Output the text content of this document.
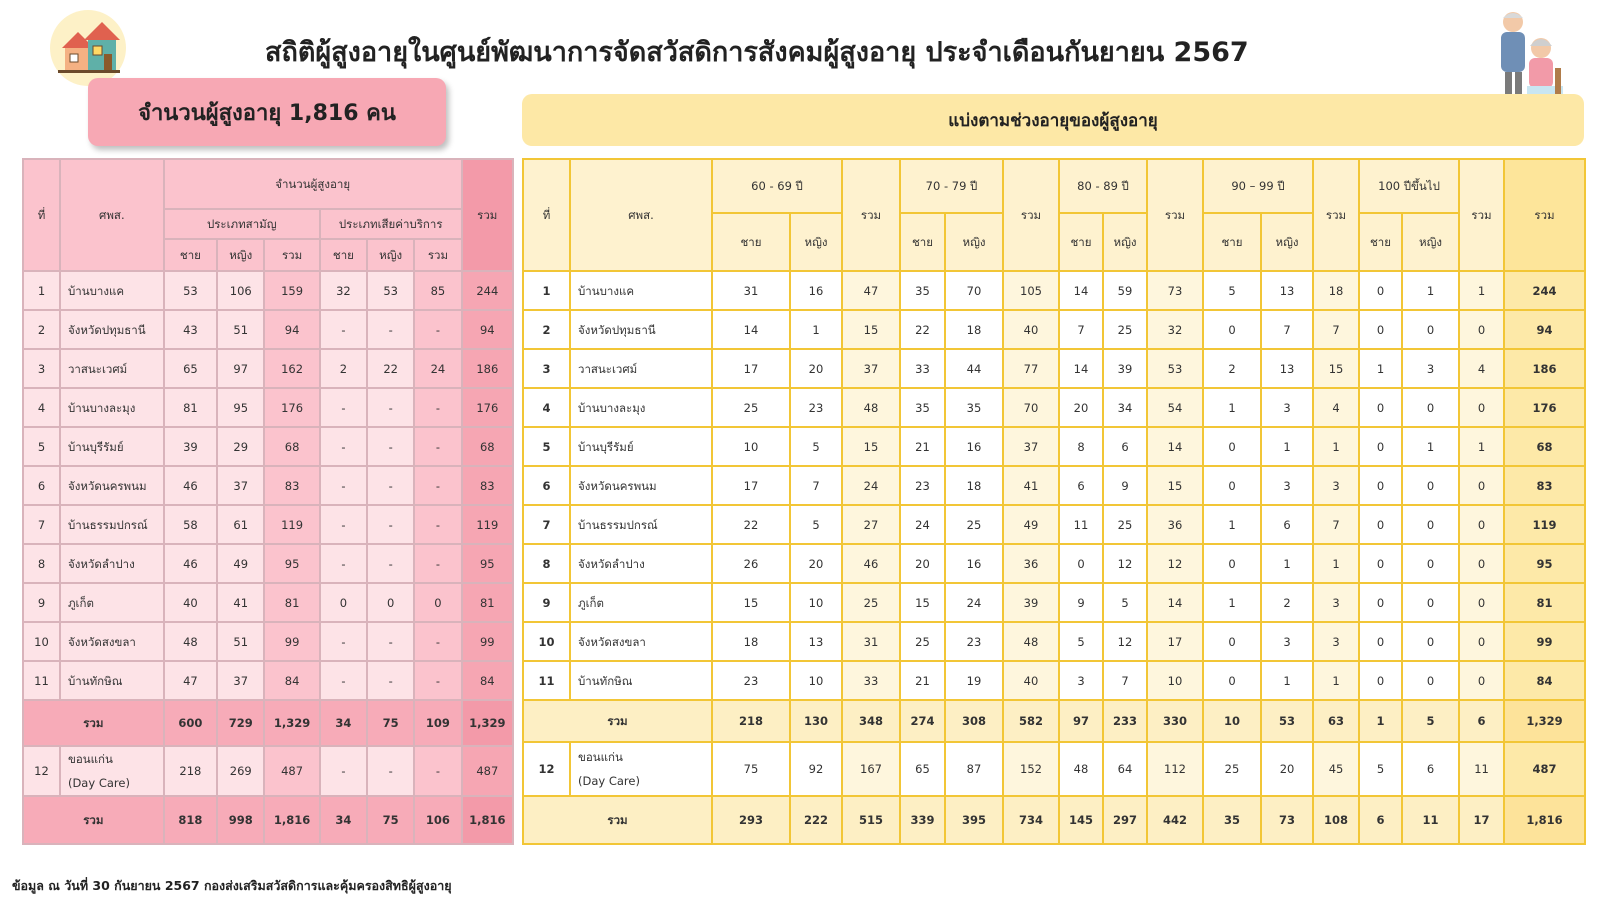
สถิติผู้สูงอายุในศูนย์พัฒนาการจัดสวัสดิการสังคมผู้สูงอายุ ประจำเดือนกันยายน 2567
จำนวนผู้สูงอายุ 1,816 คน	แบ่งตามช่วงอายุของผู้สูงอายุ
ที่	ศพส.	จำนวนผู้สูงอายุ						รวม
		ประเภทสามัญ			ประเภทเสียค่าบริการ			
		ชาย	หญิง	รวม	ชาย	หญิง	รวม	
1	บ้านบางแค	53	106	159	32	53	85	244
2	จังหวัดปทุมธานี	43	51	94	-	-	-	94
3	วาสนะเวศม์	65	97	162	2	22	24	186
4	บ้านบางละมุง	81	95	176	-	-	-	176
5	บ้านบุรีรัมย์	39	29	68	-	-	-	68
6	จังหวัดนครพนม	46	37	83	-	-	-	83
7	บ้านธรรมปกรณ์	58	61	119	-	-	-	119
8	จังหวัดลำปาง	46	49	95	-	-	-	95
9	ภูเก็ต	40	41	81	0	0	0	81
10	จังหวัดสงขลา	48	51	99	-	-	-	99
11	บ้านทักษิณ	47	37	84	-	-	-	84
รวม		600	729	1,329	34	75	109	1,329
12	ขอนแก่น
(Day Care)	218	269	487	-	-	-	487
รวม		818	998	1,816	34	75	106	1,816
ที่	ศพส.	60 - 69 ปี		รวม	70 - 79 ปี		รวม	80 - 89 ปี		รวม	90 – 99 ปี		รวม	100 ปีขึ้นไป		รวม	รวม
		ชาย	หญิง		ชาย	หญิง		ชาย	หญิง		ชาย	หญิง		ชาย	หญิง		
1	บ้านบางแค	31	16	47	35	70	105	14	59	73	5	13	18	0	1	1	244
2	จังหวัดปทุมธานี	14	1	15	22	18	40	7	25	32	0	7	7	0	0	0	94
3	วาสนะเวศม์	17	20	37	33	44	77	14	39	53	2	13	15	1	3	4	186
4	บ้านบางละมุง	25	23	48	35	35	70	20	34	54	1	3	4	0	0	0	176
5	บ้านบุรีรัมย์	10	5	15	21	16	37	8	6	14	0	1	1	0	1	1	68
6	จังหวัดนครพนม	17	7	24	23	18	41	6	9	15	0	3	3	0	0	0	83
7	บ้านธรรมปกรณ์	22	5	27	24	25	49	11	25	36	1	6	7	0	0	0	119
8	จังหวัดลำปาง	26	20	46	20	16	36	0	12	12	0	1	1	0	0	0	95
9	ภูเก็ต	15	10	25	15	24	39	9	5	14	1	2	3	0	0	0	81
10	จังหวัดสงขลา	18	13	31	25	23	48	5	12	17	0	3	3	0	0	0	99
11	บ้านทักษิณ	23	10	33	21	19	40	3	7	10	0	1	1	0	0	0	84
รวม		218	130	348	274	308	582	97	233	330	10	53	63	1	5	6	1,329
12	ขอนแก่น
(Day Care)	75	92	167	65	87	152	48	64	112	25	20	45	5	6	11	487
รวม		293	222	515	339	395	734	145	297	442	35	73	108	6	11	17	1,816
ข้อมูล ณ วันที่ 30 กันยายน 2567 กองส่งเสริมสวัสดิการและคุ้มครองสิทธิผู้สูงอายุ
